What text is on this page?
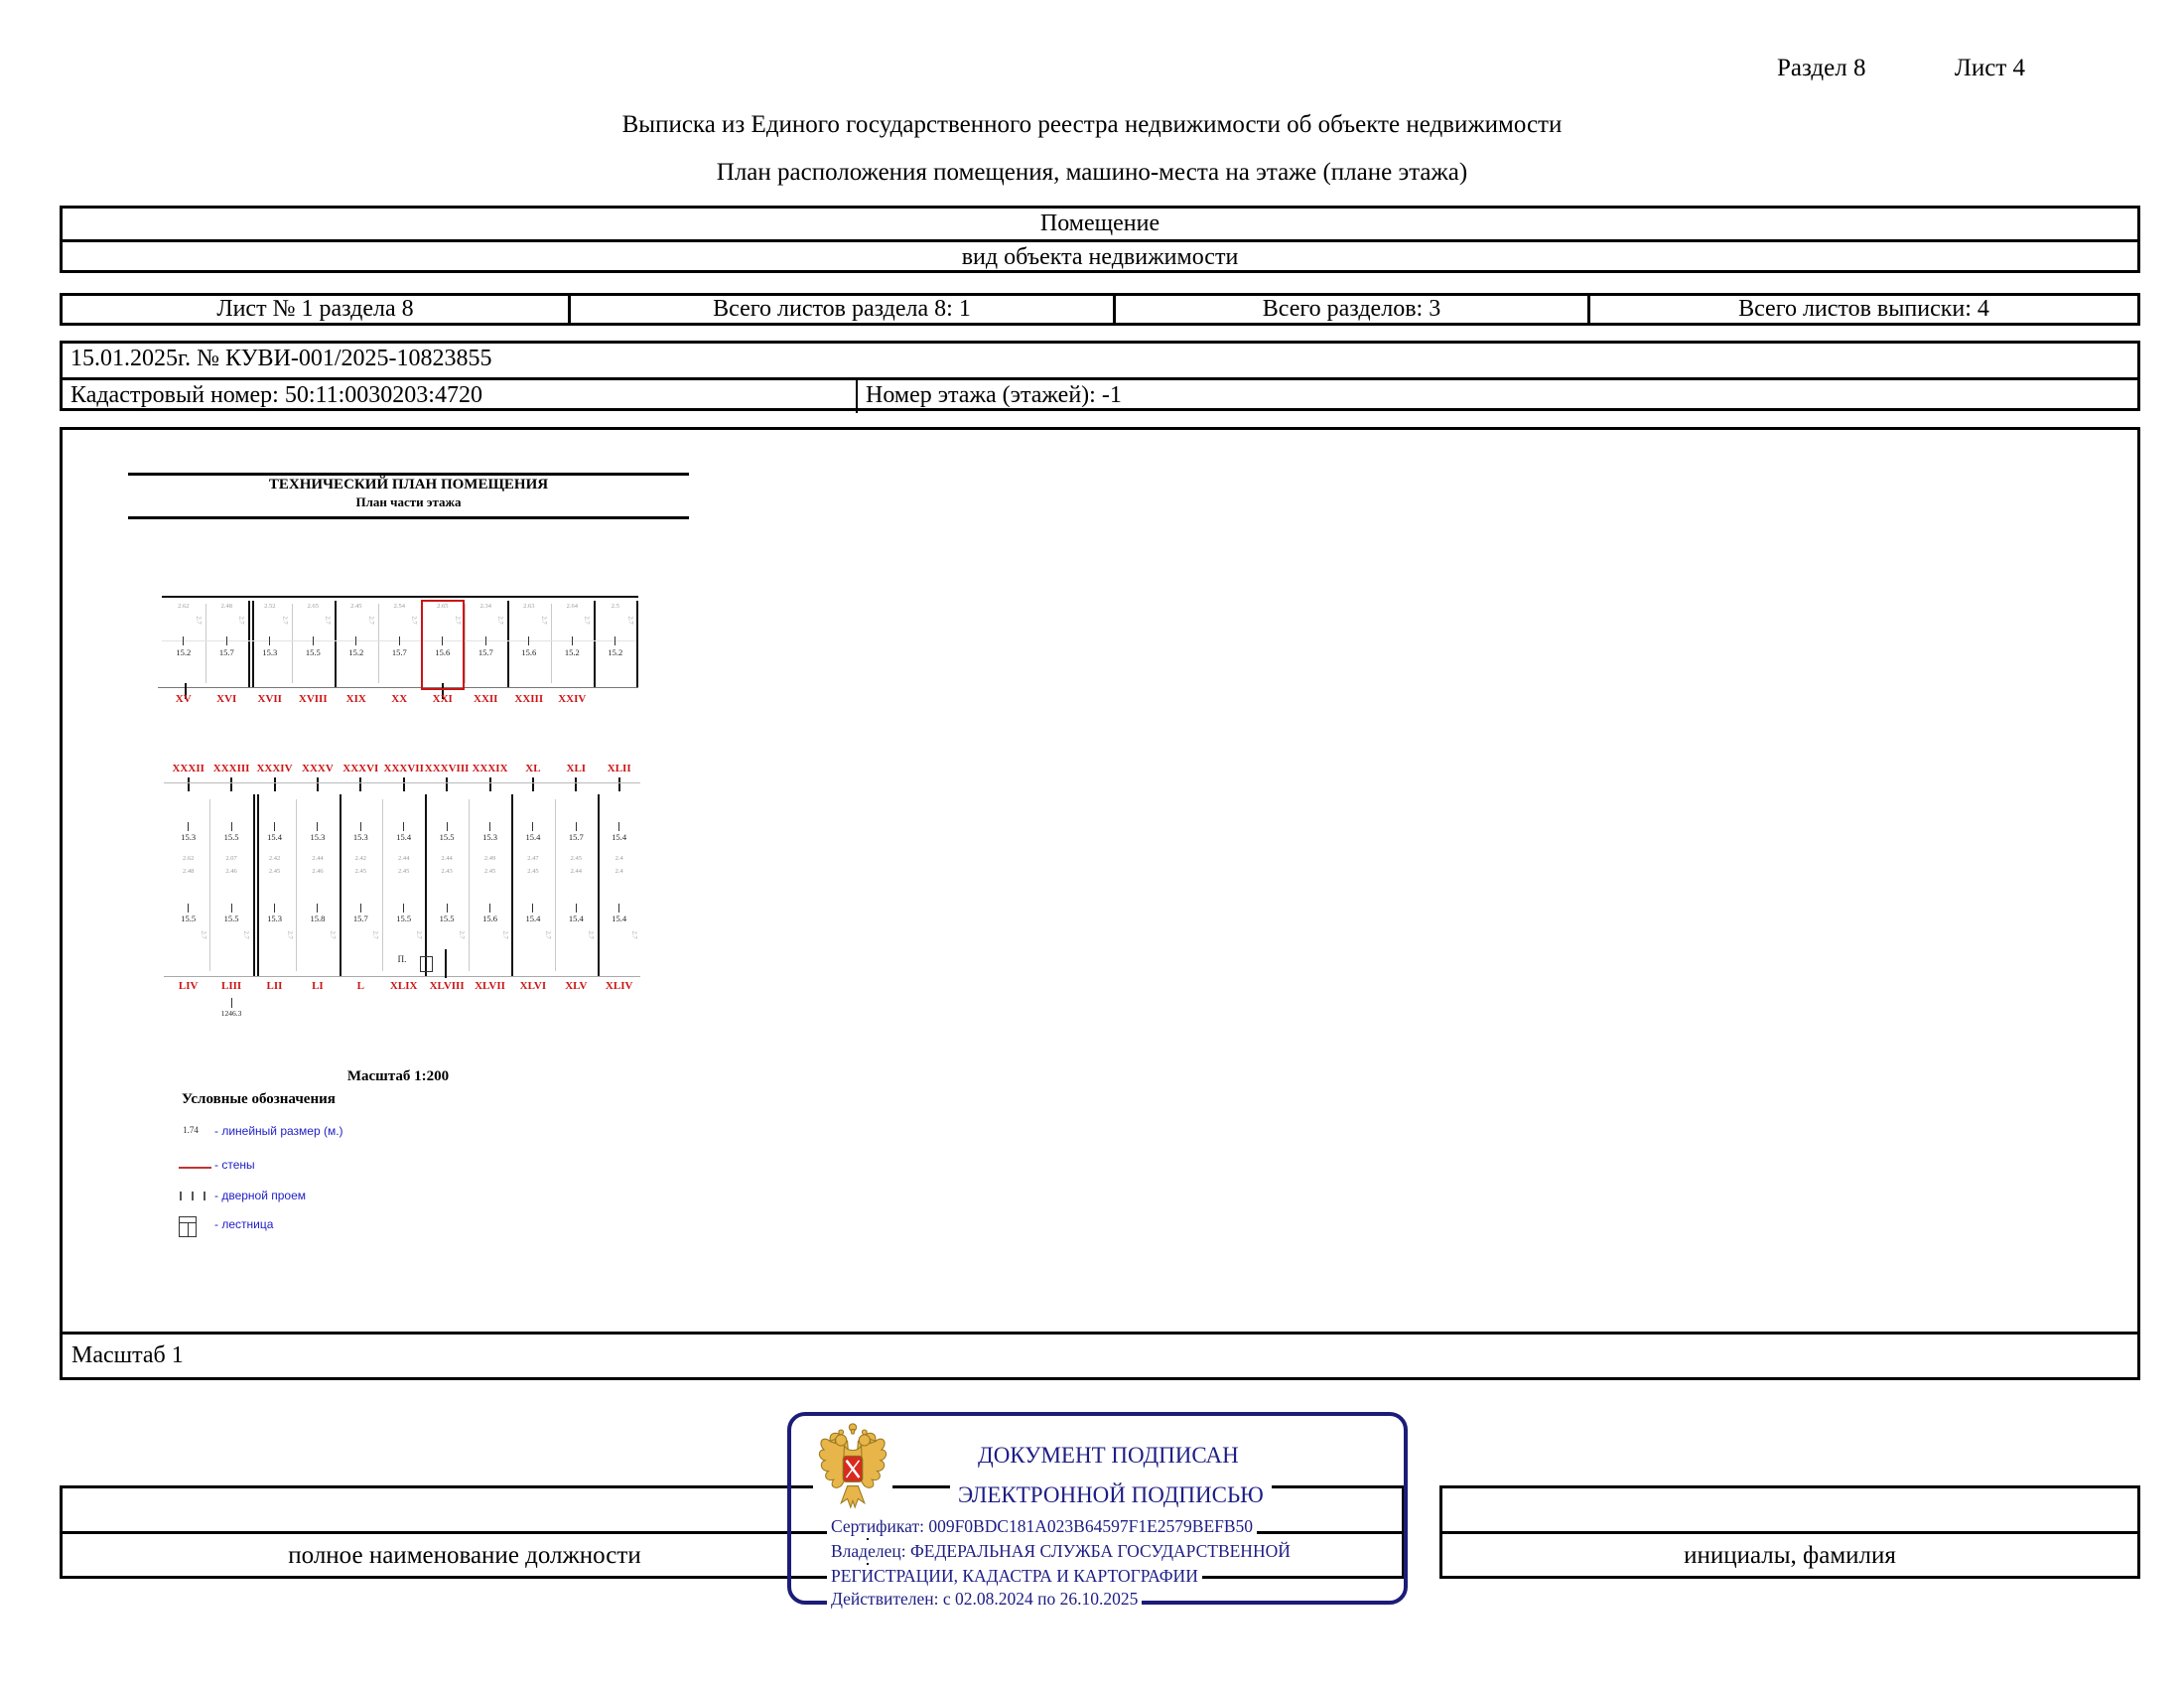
Раздел 8	Лист 4
Выписка из Единого государственного реестра недвижимости об объекте недвижимости
План расположения помещения, машино-места на этаже (плане этажа)
Помещение
вид объекта недвижимости
Лист № 1 раздела 8	Всего листов раздела 8: 1	Всего разделов: 3	Всего листов выписки: 4
15.01.2025г. № КУВИ-001/2025-10823855
Кадастровый номер: 50:11:0030203:4720	Номер этажа (этажей): -1
Масштаб 1
ТЕХНИЧЕСКИЙ ПЛАН ПОМЕЩЕНИЯ
План части этажа
Масштаб 1:200
Условные обозначения
2.62
15.2
2.7
XV
2.48
15.7
2.7
XVI
2.52
15.3
2.7
XVII
2.65
15.5
2.7
XVIII
2.45
15.2
2.7
XIX
2.54
15.7
2.7
XX
2.65
15.6
2.7
XXI
2.34
15.7
2.7
XXII
2.63
15.6
2.7
XXIII
2.64
15.2
2.7
XXIV
2.5
15.2
2.7
XXXII XXXIII XXXIV XXXV XXXVI XXXVII XXXVIII XXXIX	XL	XLI	XLII
15.3
2.62
2.48
15.5
2.07
2.46
15.4
2.42
2.45
15.3
2.44
2.46
15.3
2.42
2.45
15.4
2.44
2.45
15.5
2.44
2.43
15.3
2.49
2.45
15.4
2.47
2.45
15.7
2.45
2.44
15.4
2.4
2.4
15.5
2.7
LIV
15.5
2.7
LIII
15.3
2.7
LII
15.8
2.7
LI
15.7
2.7
L
15.5
2.7
XLIX
15.5
2.7
XLVIII
15.6
2.7
XLVII
15.4
2.7
XLVI
15.4
2.7
XLV
15.4
2.7
XLIV
П.
1246.3
1.74	- линейный размер (м.)
- стены
- дверной проем
- лестница
полное наименование должности	инициалы, фамилия
ДОКУМЕНТ ПОДПИСАН
ЭЛЕКТРОННОЙ ПОДПИСЬЮ
Сертификат: 009F0BDC181A023B64597F1E2579BEFB50
Владелец: ФЕДЕРАЛЬНАЯ СЛУЖБА ГОСУДАРСТВЕННОЙ
РЕГИСТРАЦИИ, КАДАСТРА И КАРТОГРАФИИ
Действителен: с 02.08.2024 по 26.10.2025
